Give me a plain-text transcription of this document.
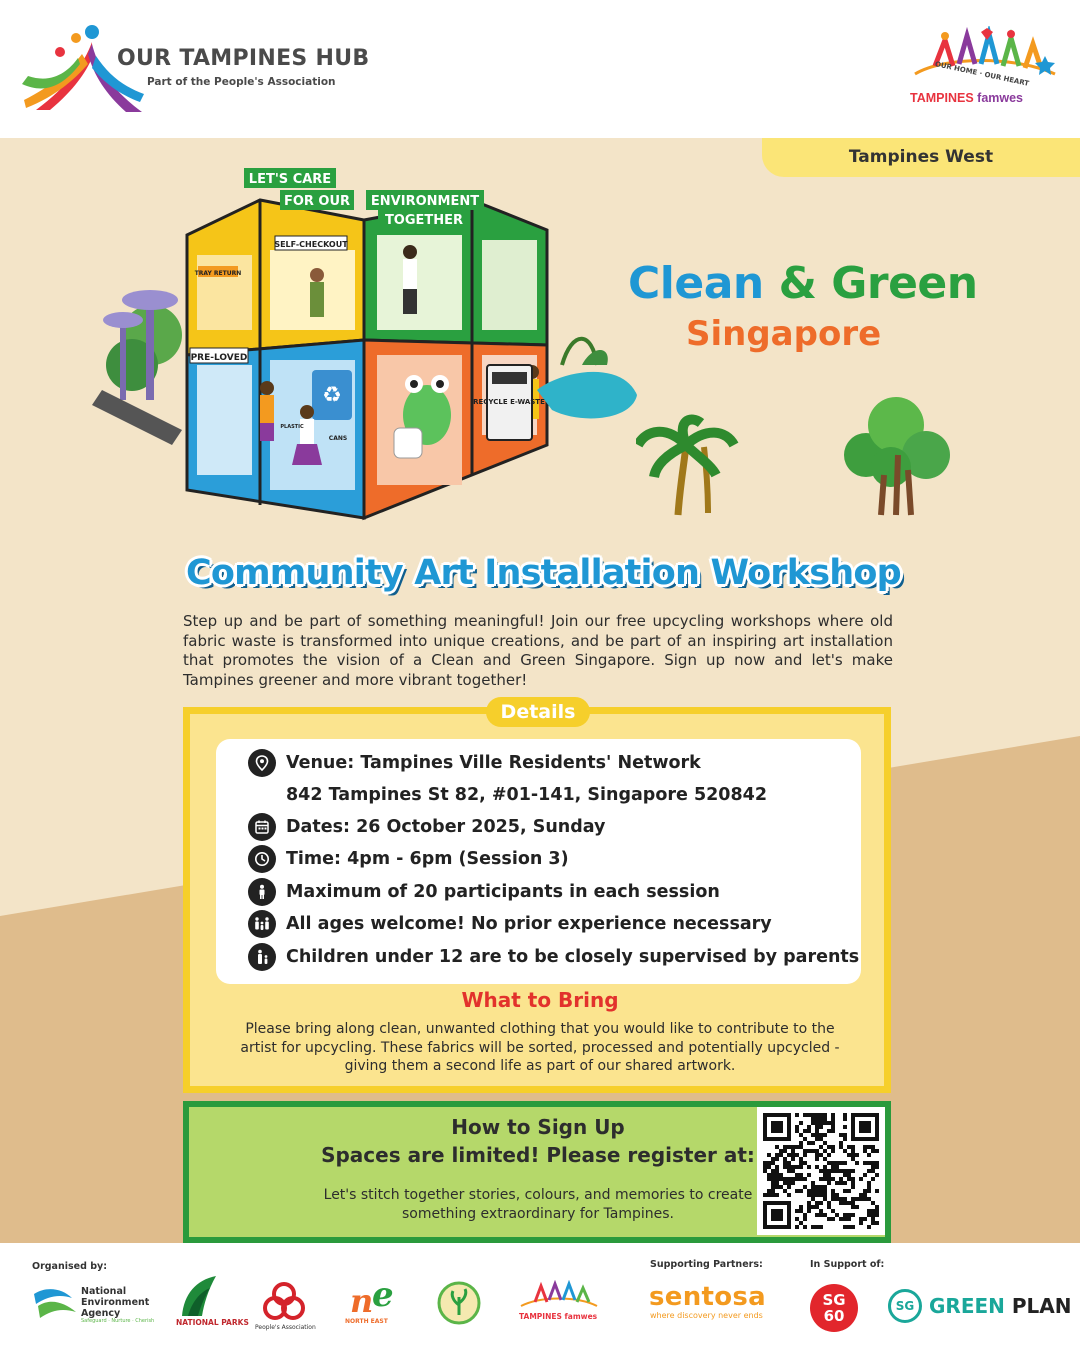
OUR TAMPINES HUB
Part of the People's Association	OUR HOME · OUR HEART
TAMPINES famwes
Tampines West
♻
LET'S CARE
FOR OUR ENVIRONMENT
TOGETHER
SELF-CHECKOUT
TRAY RETURN
PRE-LOVED
RECYCLE E-WASTE
CANS
PLASTIC
Clean & Green
Singapore
Community Art Installation Workshop
Step up and be part of something meaningful! Join our free upcycling workshops where old fabric waste is transformed into unique creations, and be part of an inspiring art installation that promotes the vision of a Clean and Green Singapore. Sign up now and let's make Tampines greener and more vibrant together!
Details
Venue: Tampines Ville Residents' Network
842 Tampines St 82, #01-141, Singapore 520842
Dates: 26 October 2025, Sunday
Time: 4pm - 6pm (Session 3)
Maximum of 20 participants in each session
All ages welcome! No prior experience necessary
Children under 12 are to be closely supervised by parents
What to Bring
Please bring along clean, unwanted clothing that you would like to contribute to the artist for upcycling. These fabrics will be sorted, processed and potentially upcycled - giving them a second life as part of our shared artwork.
How to Sign Up
Spaces are limited! Please register at:
Let's stitch together stories, colours, and memories to create something extraordinary for Tampines.
Organised by:	Supporting Partners:	In Support of:
National Environment Agency
Safeguard · Nurture · Cherish	NATIONAL PARKS
People's Association
n
e
NORTH EAST
TAMPINES famwes
sentosa
where discovery never ends
SG
60
SG GREEN PLAN
